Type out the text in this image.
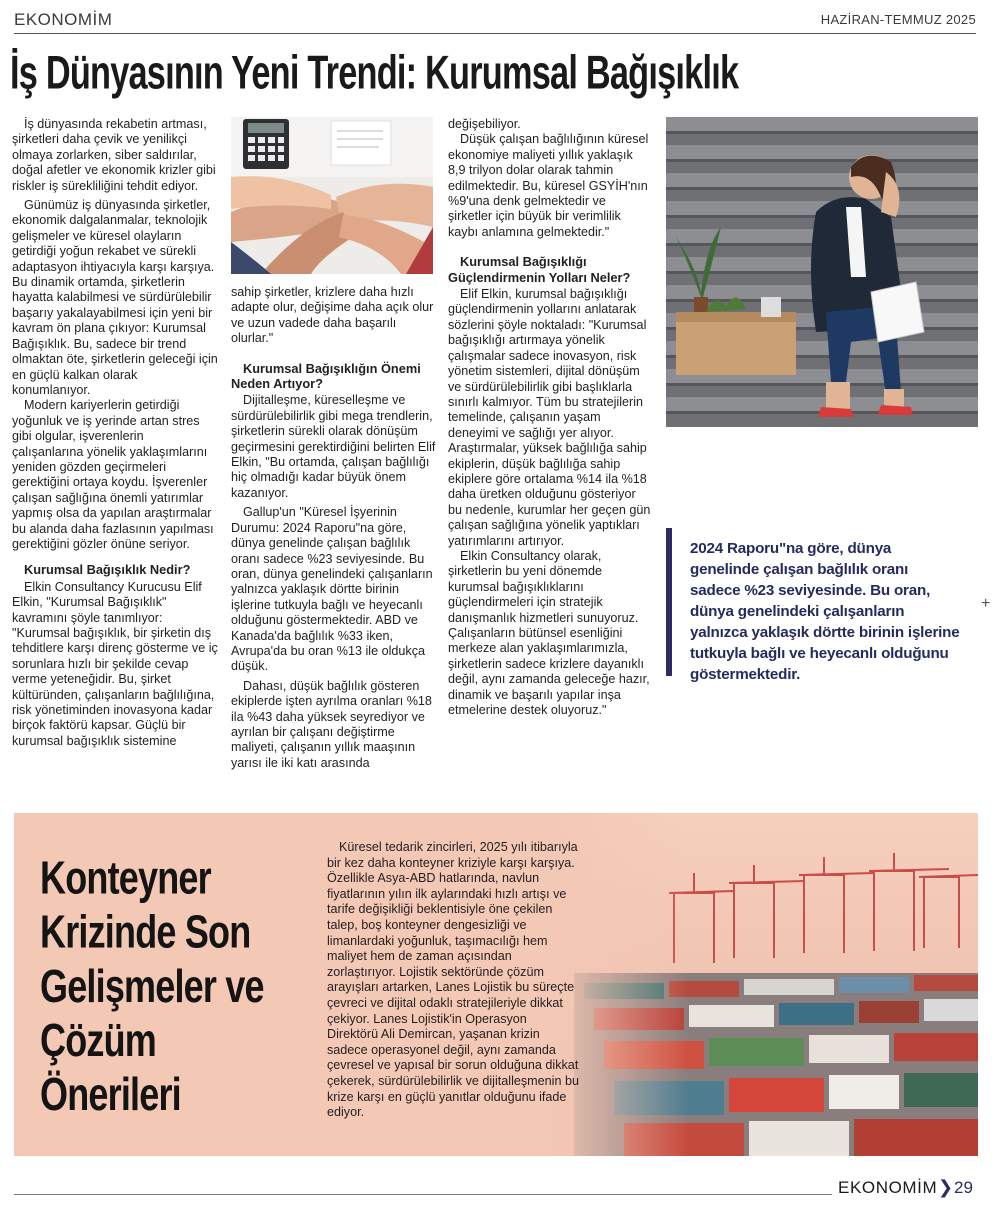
EKONOMİM	HAZİRAN-TEMMUZ 2025
İş Dünyasının Yeni Trendi: Kurumsal Bağışıklık

İş dünyasında rekabetin artması, şirketleri daha çevik ve yenilikçi olmaya zorlarken, siber saldırılar, doğal afetler ve ekonomik krizler gibi riskler iş sürekliliğini tehdit ediyor.

Günümüz iş dünyasında şirketler, ekonomik dalgalanmalar, teknolojik gelişmeler ve küresel olayların getirdiği yoğun rekabet ve sürekli adaptasyon ihtiyacıyla karşı karşıya. Bu dinamik ortamda, şirketlerin hayatta kalabilmesi ve sürdürülebilir başarıy yakalayabilmesi için yeni bir kavram ön plana çıkıyor: Kurumsal Bağışıklık. Bu, sadece bir trend olmaktan öte, şirketlerin geleceği için en güçlü kalkan olarak konumlanıyor.

Modern kariyerlerin getirdiği yoğunluk ve iş yerinde artan stres gibi olgular, işverenlerin çalışanlarına yönelik yaklaşımlarını yeniden gözden geçirmeleri gerektiğini ortaya koydu. İşverenler çalışan sağlığına önemli yatırımlar yapmış olsa da yapılan araştırmalar bu alanda daha fazlasının yapılması gerektiğini gözler önüne seriyor.

Kurumsal Bağışıklık Nedir?

Elkin Consultancy Kurucusu Elif Elkin, "Kurumsal Bağışıklık" kavramını şöyle tanımlıyor: "Kurumsal bağışıklık, bir şirketin dış tehditlere karşı direnç gösterme ve iç sorunlara hızlı bir şekilde cevap verme yeteneğidir. Bu, şirket kültüründen, çalışanların bağlılığına, risk yönetiminden inovasyona kadar birçok faktörü kapsar. Güçlü bir kurumsal bağışıklık sistemine

sahip şirketler, krizlere daha hızlı adapte olur, değişime daha açık olur ve uzun vadede daha başarılı olurlar."

Kurumsal Bağışıklığın Önemi Neden Artıyor?

Dijitalleşme, küreselleşme ve sürdürülebilirlik gibi mega trendlerin, şirketlerin sürekli olarak dönüşüm geçirmesini gerektirdiğini belirten Elif Elkin, "Bu ortamda, çalışan bağlılığı hiç olmadığı kadar büyük önem kazanıyor.

Gallup'un "Küresel İşyerinin Durumu: 2024 Raporu"na göre, dünya genelinde çalışan bağlılık oranı sadece %23 seviyesinde. Bu oran, dünya genelindeki çalışanların yalnızca yaklaşık dörtte birinin işlerine tutkuyla bağlı ve heyecanlı olduğunu göstermektedir. ABD ve Kanada'da bağlılık %33 iken, Avrupa'da bu oran %13 ile oldukça düşük.

Dahası, düşük bağlılık gösteren ekiplerde işten ayrılma oranları %18 ila %43 daha yüksek seyrediyor ve ayrılan bir çalışanı değiştirme maliyeti, çalışanın yıllık maaşının yarısı ile iki katı arasında

değişebiliyor.

Düşük çalışan bağlılığının küresel ekonomiye maliyeti yıllık yaklaşık 8,9 trilyon dolar olarak tahmin edilmektedir. Bu, küresel GSYİH'nın %9'una denk gelmektedir ve şirketler için büyük bir verimlilik kaybı anlamına gelmektedir."

Kurumsal Bağışıklığı Güçlendirmenin Yolları Neler?

Elif Elkin, kurumsal bağışıklığı güçlendirmenin yollarını anlatarak sözlerini şöyle noktaladı: "Kurumsal bağışıklığı artırmaya yönelik çalışmalar sadece inovasyon, risk yönetim sistemleri, dijital dönüşüm ve sürdürülebilirlik gibi başlıklarla sınırlı kalmıyor. Tüm bu stratejilerin temelinde, çalışanın yaşam deneyimi ve sağlığı yer alıyor. Araştırmalar, yüksek bağlılığa sahip ekiplerin, düşük bağlılığa sahip ekiplere göre ortalama %14 ila %18 daha üretken olduğunu gösteriyor bu nedenle, kurumlar her geçen gün çalışan sağlığına yönelik yaptıkları yatırımlarını artırıyor.

Elkin Consultancy olarak, şirketlerin bu yeni dönemde kurumsal bağışıklıklarını güçlendirmeleri için stratejik danışmanlık hizmetleri sunuyoruz. Çalışanların bütünsel esenliğini merkeze alan yaklaşımlarımızla, şirketlerin sadece krizlere dayanıklı değil, aynı zamanda geleceğe hazır, dinamik ve başarılı yapılar inşa etmelerine destek oluyoruz."

2024 Raporu"na göre, dünya genelinde çalışan bağlılık oranı sadece %23 seviyesinde. Bu oran, dünya genelindeki çalışanların yalnızca yaklaşık dörtte birinin işlerine tutkuyla bağlı ve heyecanlı olduğunu göstermektedir.
+
Konteyner Krizinde Son Gelişmeler ve Çözüm Önerileri

Küresel tedarik zincirleri, 2025 yılı itibarıyla bir kez daha konteyner kriziyle karşı karşıya. Özellikle Asya-ABD hatlarında, navlun fiyatlarının yılın ilk aylarındaki hızlı artışı ve tarife değişikliği beklentisiyle öne çekilen talep, boş konteyner dengesizliği ve limanlardaki yoğunluk, taşımacılığı hem maliyet hem de zaman açısından zorlaştırıyor. Lojistik sektöründe çözüm arayışları artarken, Lanes Lojistik bu süreçte çevreci ve dijital odaklı stratejileriyle dikkat çekiyor. Lanes Lojistik'in Operasyon Direktörü Ali Demircan, yaşanan krizin sadece operasyonel değil, aynı zamanda çevresel ve yapısal bir sorun olduğuna dikkat çekerek, sürdürülebilirlik ve dijitalleşmenin bu krize karşı en güçlü yanıtlar olduğunu ifade ediyor.

EKONOMİM ❯ 29
